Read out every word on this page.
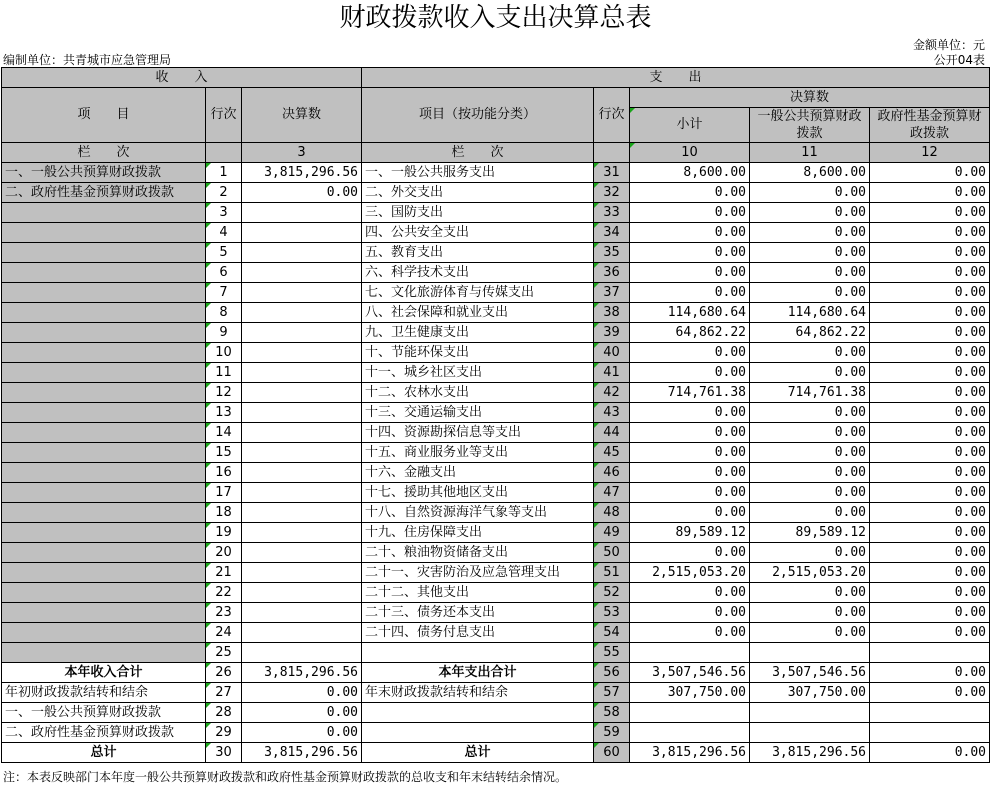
财政拨款收入支出决算总表
金额单位：元
编制单位：共青城市应急管理局	公开04表
收　　入			支　　出				
项　　目	行次	决算数	项目（按功能分类）	行次	决算数		
					小计	一般公共预算财政拨款	政府性基金预算财政拨款
栏　　次		3	栏　　次		10	11	12
一、一般公共预算财政拨款	1	3,815,296.56	一、一般公共服务支出	31	8,600.00	8,600.00	0.00
二、政府性基金预算财政拨款	2	0.00	二、外交支出	32	0.00	0.00	0.00
	3		三、国防支出	33	0.00	0.00	0.00
	4		四、公共安全支出	34	0.00	0.00	0.00
	5		五、教育支出	35	0.00	0.00	0.00
	6		六、科学技术支出	36	0.00	0.00	0.00
	7		七、文化旅游体育与传媒支出	37	0.00	0.00	0.00
	8		八、社会保障和就业支出	38	114,680.64	114,680.64	0.00
	9		九、卫生健康支出	39	64,862.22	64,862.22	0.00
	10		十、节能环保支出	40	0.00	0.00	0.00
	11		十一、城乡社区支出	41	0.00	0.00	0.00
	12		十二、农林水支出	42	714,761.38	714,761.38	0.00
	13		十三、交通运输支出	43	0.00	0.00	0.00
	14		十四、资源勘探信息等支出	44	0.00	0.00	0.00
	15		十五、商业服务业等支出	45	0.00	0.00	0.00
	16		十六、金融支出	46	0.00	0.00	0.00
	17		十七、援助其他地区支出	47	0.00	0.00	0.00
	18		十八、自然资源海洋气象等支出	48	0.00	0.00	0.00
	19		十九、住房保障支出	49	89,589.12	89,589.12	0.00
	20		二十、粮油物资储备支出	50	0.00	0.00	0.00
	21		二十一、灾害防治及应急管理支出	51	2,515,053.20	2,515,053.20	0.00
	22		二十二、其他支出	52	0.00	0.00	0.00
	23		二十三、债务还本支出	53	0.00	0.00	0.00
	24		二十四、债务付息支出	54	0.00	0.00	0.00
	25			55			
本年收入合计	26	3,815,296.56	本年支出合计	56	3,507,546.56	3,507,546.56	0.00
年初财政拨款结转和结余	27	0.00	年末财政拨款结转和结余	57	307,750.00	307,750.00	0.00
一、一般公共预算财政拨款	28	0.00		58			
二、政府性基金预算财政拨款	29	0.00		59			
总计	30	3,815,296.56	总计	60	3,815,296.56	3,815,296.56	0.00
注：本表反映部门本年度一般公共预算财政拨款和政府性基金预算财政拨款的总收支和年末结转结余情况。
